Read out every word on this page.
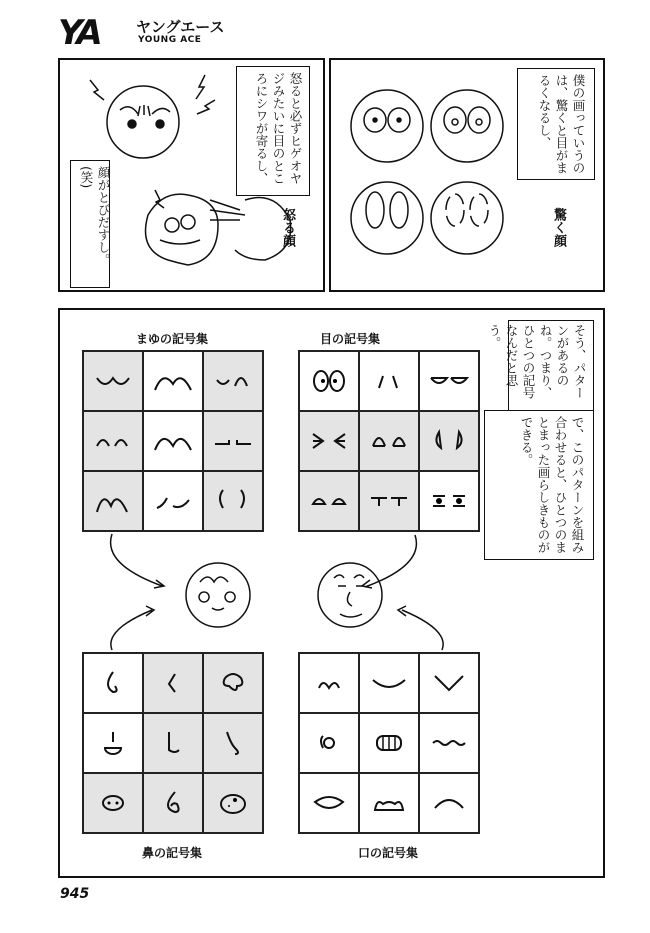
YA ヤングエース
YOUNG ACE
怒ると必ずヒゲオヤジみたいに目のところにシワが寄るし、
顔がとびだすし。(笑)
怒る顔
僕の画っていうのは、驚くと目がまるくなるし、
驚く顔
まゆの記号集	目の記号集	そう、パターンがあるのね。つまり、ひとつの記号なんだと思う。
で、このパターンを組み合わせると、ひとつのまとまった画らしきものができる。
鼻の記号集	口の記号集
945
